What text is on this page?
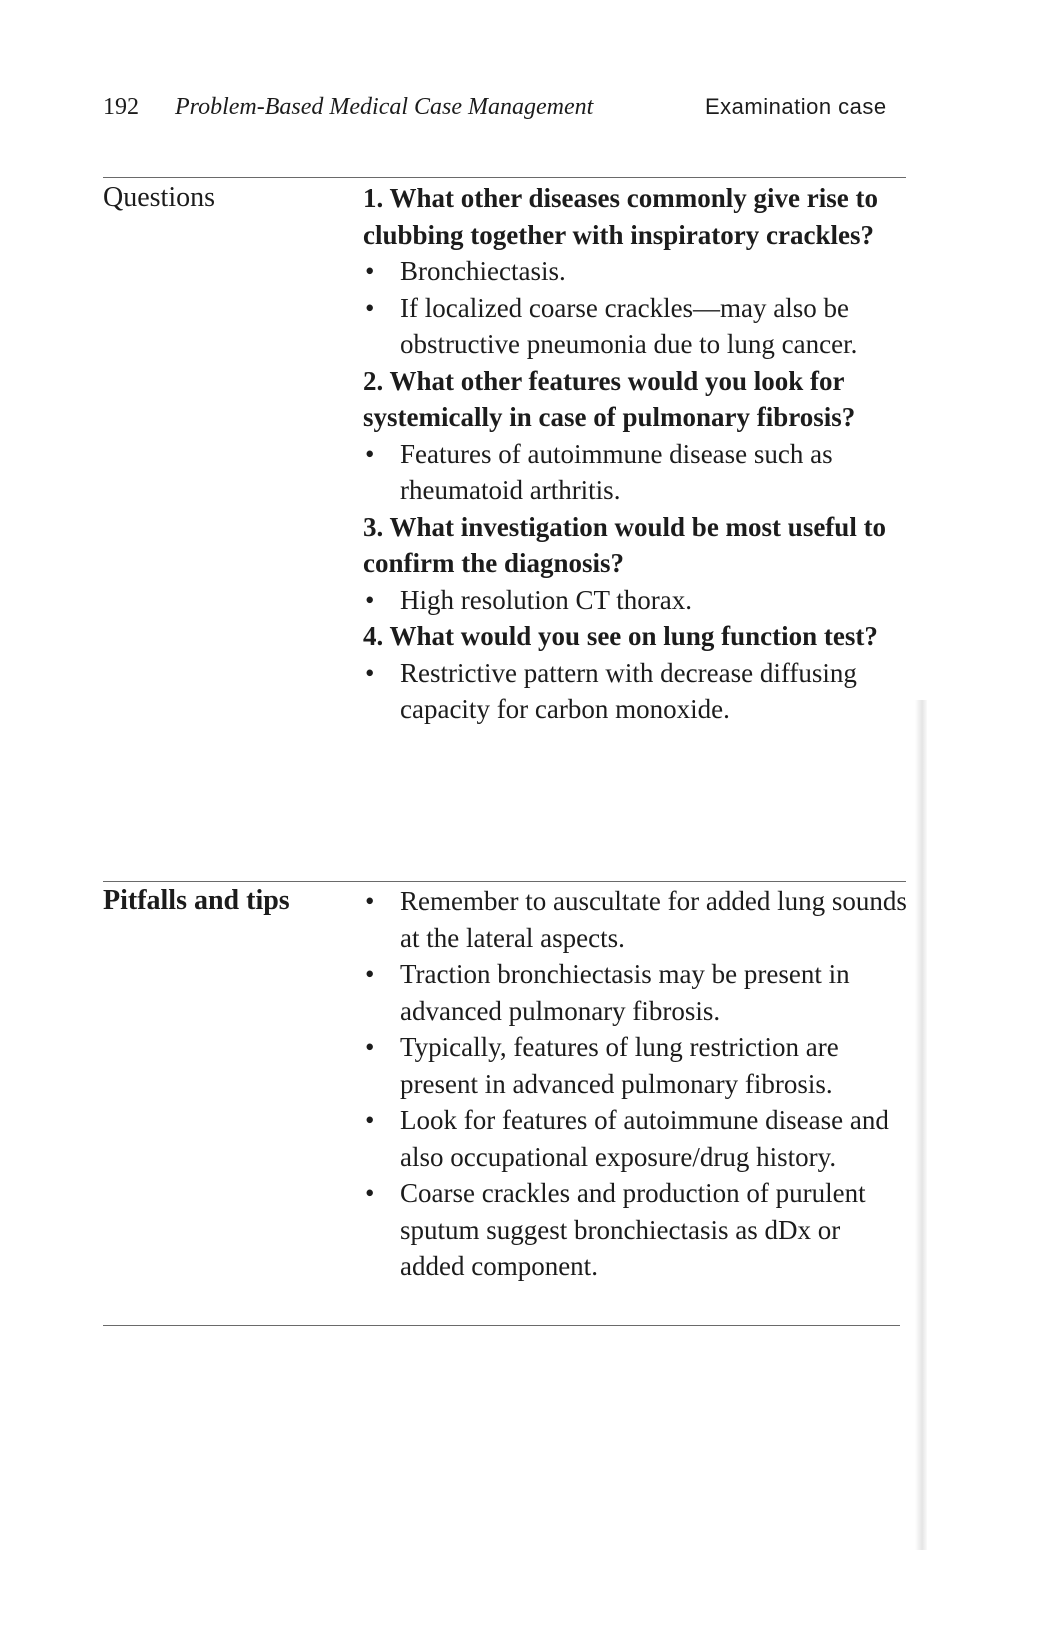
192 Problem-Based Medical Case Management	Examination case
Questions	1. What other diseases commonly give rise to clubbing together with inspiratory crackles?

• Bronchiectasis.
• If localized coarse crackles—may also be obstructive pneumonia due to lung cancer.

2. What other features would you look for systemically in case of pulmonary fibrosis?

• Features of autoimmune disease such as rheumatoid arthritis.

3. What investigation would be most useful to confirm the diagnosis?

• High resolution CT thorax.

4. What would you see on lung function test?

• Restrictive pattern with decrease diffusing capacity for carbon monoxide.
Pitfalls and tips
•	Remember to auscultate for added lung sounds at the lateral aspects.
• Traction bronchiectasis may be present in advanced pulmonary fibrosis.
• Typically, features of lung restriction are present in advanced pulmonary fibrosis.
• Look for features of autoimmune disease and also occupational exposure/drug history.
• Coarse crackles and production of purulent sputum suggest bronchiectasis as dDx or added component.
